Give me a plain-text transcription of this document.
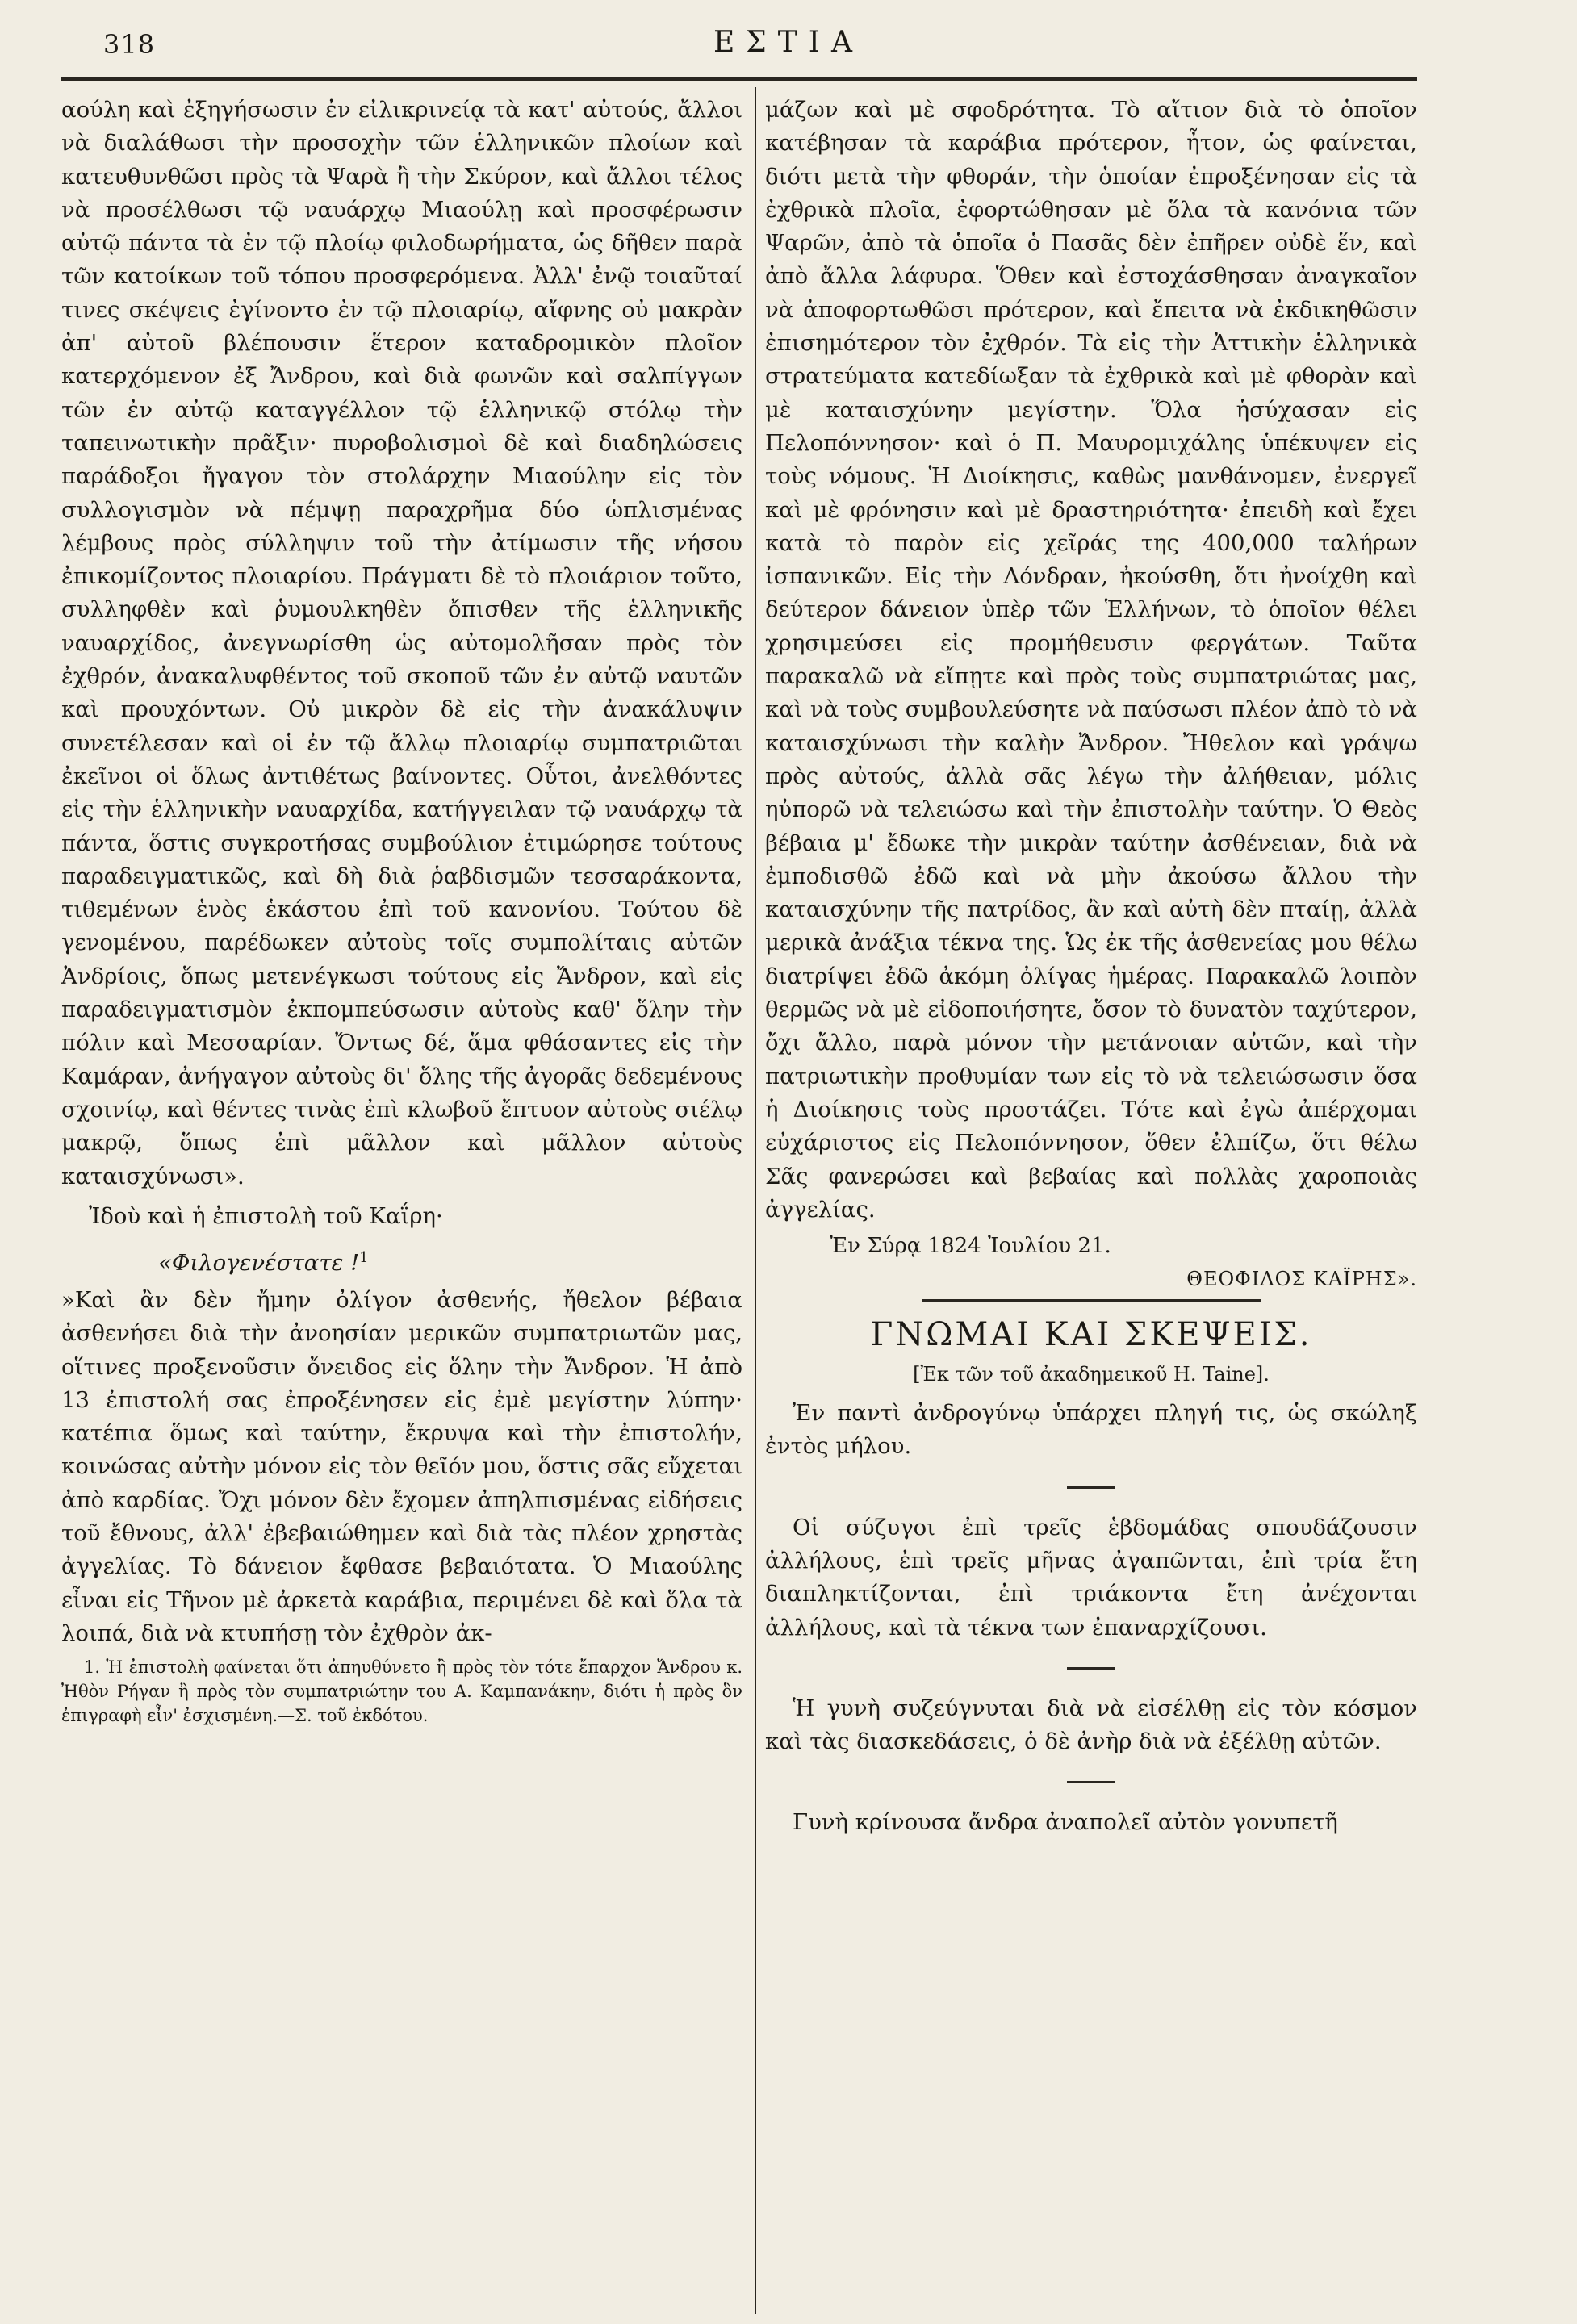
318	ΕΣΤΙΑ

αούλη καὶ ἐξηγήσωσιν ἐν εἰλικρινείᾳ τὰ κατ' αὐτούς, ἄλλοι νὰ διαλάθωσι τὴν προσοχὴν τῶν ἑλληνικῶν πλοίων καὶ κατευθυνθῶσι πρὸς τὰ Ψαρὰ ἢ τὴν Σκύρον, καὶ ἄλλοι τέλος νὰ προσέλθωσι τῷ ναυάρχῳ Μιαούλῃ καὶ προσφέρωσιν αὐτῷ πάντα τὰ ἐν τῷ πλοίῳ φιλοδωρήματα, ὡς δῆθεν παρὰ τῶν κατοίκων τοῦ τόπου προσφερόμενα. Ἀλλ' ἐνῷ τοιαῦταί τινες σκέψεις ἐγίνοντο ἐν τῷ πλοιαρίῳ, αἴφνης οὐ μακρὰν ἀπ' αὐτοῦ βλέπουσιν ἕτερον καταδρομικὸν πλοῖον κατερχόμενον ἐξ Ἄνδρου, καὶ διὰ φωνῶν καὶ σαλπίγγων τῶν ἐν αὐτῷ καταγγέλλον τῷ ἑλληνικῷ στόλῳ τὴν ταπεινωτικὴν πρᾶξιν· πυροβολισμοὶ δὲ καὶ διαδηλώσεις παράδοξοι ἤγαγον τὸν στολάρχην Μιαούλην εἰς τὸν συλλογισμὸν νὰ πέμψῃ παραχρῆμα δύο ὡπλισμένας λέμβους πρὸς σύλληψιν τοῦ τὴν ἀτίμωσιν τῆς νήσου ἐπικομίζοντος πλοιαρίου. Πράγματι δὲ τὸ πλοιάριον τοῦτο, συλληφθὲν καὶ ῥυμουλκηθὲν ὄπισθεν τῆς ἑλληνικῆς ναυαρχίδος, ἀνεγνωρίσθη ὡς αὐτομολῆσαν πρὸς τὸν ἐχθρόν, ἀνακαλυφθέντος τοῦ σκοποῦ τῶν ἐν αὐτῷ ναυτῶν καὶ προυχόντων. Οὐ μικρὸν δὲ εἰς τὴν ἀνακάλυψιν συνετέλεσαν καὶ οἱ ἐν τῷ ἄλλῳ πλοιαρίῳ συμπατριῶται ἐκεῖνοι οἱ ὅλως ἀντιθέτως βαίνοντες. Οὗτοι, ἀνελθόντες εἰς τὴν ἑλληνικὴν ναυαρχίδα, κατήγγειλαν τῷ ναυάρχῳ τὰ πάντα, ὅστις συγκροτήσας συμβούλιον ἐτιμώρησε τούτους παραδειγματικῶς, καὶ δὴ διὰ ῥαβδισμῶν τεσσαράκοντα, τιθεμένων ἑνὸς ἑκάστου ἐπὶ τοῦ κανονίου. Τούτου δὲ γενομένου, παρέδωκεν αὐτοὺς τοῖς συμπολίταις αὐτῶν Ἀνδρίοις, ὅπως μετενέγκωσι τούτους εἰς Ἄνδρον, καὶ εἰς παραδειγματισμὸν ἐκπομπεύσωσιν αὐτοὺς καθ' ὅλην τὴν πόλιν καὶ Μεσσαρίαν. Ὄντως δέ, ἅμα φθάσαντες εἰς τὴν Καμάραν, ἀνήγαγον αὐτοὺς δι' ὅλης τῆς ἀγορᾶς δεδεμένους σχοινίῳ, καὶ θέντες τινὰς ἐπὶ κλωβοῦ ἔπτυον αὐτοὺς σιέλῳ μακρῷ, ὅπως ἐπὶ μᾶλλον καὶ μᾶλλον αὐτοὺς καταισχύνωσι».

Ἰδοὺ καὶ ἡ ἐπιστολὴ τοῦ Καΐρη·

«Φιλογενέστατε !$^1$

»Καὶ ἂν δὲν ἤμην ὀλίγον ἀσθενής, ἤθελον βέβαια ἀσθενήσει διὰ τὴν ἀνοησίαν μερικῶν συμπατριωτῶν μας, οἵτινες προξενοῦσιν ὄνειδος εἰς ὅλην τὴν Ἄνδρον. Ἡ ἀπὸ 13 ἐπιστολή σας ἐπροξένησεν εἰς ἐμὲ μεγίστην λύπην· κατέπια ὅμως καὶ ταύτην, ἔκρυψα καὶ τὴν ἐπιστολήν, κοινώσας αὐτὴν μόνον εἰς τὸν θεῖόν μου, ὅστις σᾶς εὔχεται ἀπὸ καρδίας. Ὄχι μόνον δὲν ἔχομεν ἀπηλπισμένας εἰδήσεις τοῦ ἔθνους, ἀλλ' ἐβεβαιώθημεν καὶ διὰ τὰς πλέον χρηστὰς ἀγγελίας. Τὸ δάνειον ἔφθασε βεβαιότατα. Ὁ Μιαούλης εἶναι εἰς Τῆνον μὲ ἀρκετὰ καράβια, περιμένει δὲ καὶ ὅλα τὰ λοιπά, διὰ νὰ κτυπήσῃ τὸν ἐχθρὸν ἀκ-

1. Ἡ ἐπιστολὴ φαίνεται ὅτι ἀπηυθύνετο ἢ πρὸς τὸν τότε ἔπαρχον Ἄνδρου κ. Ἠθὸν Ρήγαν ἢ πρὸς τὸν συμπατριώτην του Α. Καμπανάκην, διότι ἡ πρὸς ὃν ἐπιγραφὴ εἶν' ἐσχισμένη.—Σ. τοῦ ἐκδότου.

μάζων καὶ μὲ σφοδρότητα. Τὸ αἴτιον διὰ τὸ ὁποῖον κατέβησαν τὰ καράβια πρότερον, ἦτον, ὡς φαίνεται, διότι μετὰ τὴν φθοράν, τὴν ὁποίαν ἐπροξένησαν εἰς τὰ ἐχθρικὰ πλοῖα, ἐφορτώθησαν μὲ ὅλα τὰ κανόνια τῶν Ψαρῶν, ἀπὸ τὰ ὁποῖα ὁ Πασᾶς δὲν ἐπῆρεν οὐδὲ ἕν, καὶ ἀπὸ ἄλλα λάφυρα. Ὅθεν καὶ ἐστοχάσθησαν ἀναγκαῖον νὰ ἀποφορτωθῶσι πρότερον, καὶ ἔπειτα νὰ ἐκδικηθῶσιν ἐπισημότερον τὸν ἐχθρόν. Τὰ εἰς τὴν Ἀττικὴν ἑλληνικὰ στρατεύματα κατεδίωξαν τὰ ἐχθρικὰ καὶ μὲ φθορὰν καὶ μὲ καταισχύνην μεγίστην. Ὅλα ἡσύχασαν εἰς Πελοπόννησον· καὶ ὁ Π. Μαυρομιχάλης ὑπέκυψεν εἰς τοὺς νόμους. Ἡ Διοίκησις, καθὼς μανθάνομεν, ἐνεργεῖ καὶ μὲ φρόνησιν καὶ μὲ δραστηριότητα· ἐπειδὴ καὶ ἔχει κατὰ τὸ παρὸν εἰς χεῖράς της 400,000 ταλήρων ἰσπανικῶν. Εἰς τὴν Λόνδραν, ἠκούσθη, ὅτι ἠνοίχθη καὶ δεύτερον δάνειον ὑπὲρ τῶν Ἑλλήνων, τὸ ὁποῖον θέλει χρησιμεύσει εἰς προμήθευσιν φεργάτων. Ταῦτα παρακαλῶ νὰ εἴπῃτε καὶ πρὸς τοὺς συμπατριώτας μας, καὶ νὰ τοὺς συμβουλεύσητε νὰ παύσωσι πλέον ἀπὸ τὸ νὰ καταισχύνωσι τὴν καλὴν Ἄνδρον. Ἤθελον καὶ γράψω πρὸς αὐτούς, ἀλλὰ σᾶς λέγω τὴν ἀλήθειαν, μόλις ηὐπορῶ νὰ τελειώσω καὶ τὴν ἐπιστολὴν ταύτην. Ὁ Θεὸς βέβαια μ' ἔδωκε τὴν μικρὰν ταύτην ἀσθένειαν, διὰ νὰ ἐμποδισθῶ ἐδῶ καὶ νὰ μὴν ἀκούσω ἄλλου τὴν καταισχύνην τῆς πατρίδος, ἂν καὶ αὐτὴ δὲν πταίῃ, ἀλλὰ μερικὰ ἀνάξια τέκνα της. Ὡς ἐκ τῆς ἀσθενείας μου θέλω διατρίψει ἐδῶ ἀκόμη ὀλίγας ἡμέρας. Παρακαλῶ λοιπὸν θερμῶς νὰ μὲ εἰδοποιήσητε, ὅσον τὸ δυνατὸν ταχύτερον, ὄχι ἄλλο, παρὰ μόνον τὴν μετάνοιαν αὐτῶν, καὶ τὴν πατριωτικὴν προθυμίαν των εἰς τὸ νὰ τελειώσωσιν ὅσα ἡ Διοίκησις τοὺς προστάζει. Τότε καὶ ἐγὼ ἀπέρχομαι εὐχάριστος εἰς Πελοπόννησον, ὅθεν ἐλπίζω, ὅτι θέλω Σᾶς φανερώσει καὶ βεβαίας καὶ πολλὰς χαροποιὰς ἀγγελίας.

Ἐν Σύρᾳ 1824 Ἰουλίου 21.

ΘΕΟΦΙΛΟΣ ΚΑΪΡΗΣ».

ΓΝΩΜΑΙ ΚΑΙ ΣΚΕΨΕΙΣ.

[Ἐκ τῶν τοῦ ἀκαδημεικοῦ Η. Taine].

Ἐν παντὶ ἀνδρογύνῳ ὑπάρχει πληγή τις, ὡς σκώληξ ἐντὸς μήλου.

Οἱ σύζυγοι ἐπὶ τρεῖς ἑβδομάδας σπουδάζουσιν ἀλλήλους, ἐπὶ τρεῖς μῆνας ἀγαπῶνται, ἐπὶ τρία ἔτη διαπληκτίζονται, ἐπὶ τριάκοντα ἔτη ἀνέχονται ἀλλήλους, καὶ τὰ τέκνα των ἐπαναρχίζουσι.

Ἡ γυνὴ συζεύγνυται διὰ νὰ εἰσέλθῃ εἰς τὸν κόσμον καὶ τὰς διασκεδάσεις, ὁ δὲ ἀνὴρ διὰ νὰ ἐξέλθῃ αὐτῶν.

Γυνὴ κρίνουσα ἄνδρα ἀναπολεῖ αὐτὸν γονυπετῆ
